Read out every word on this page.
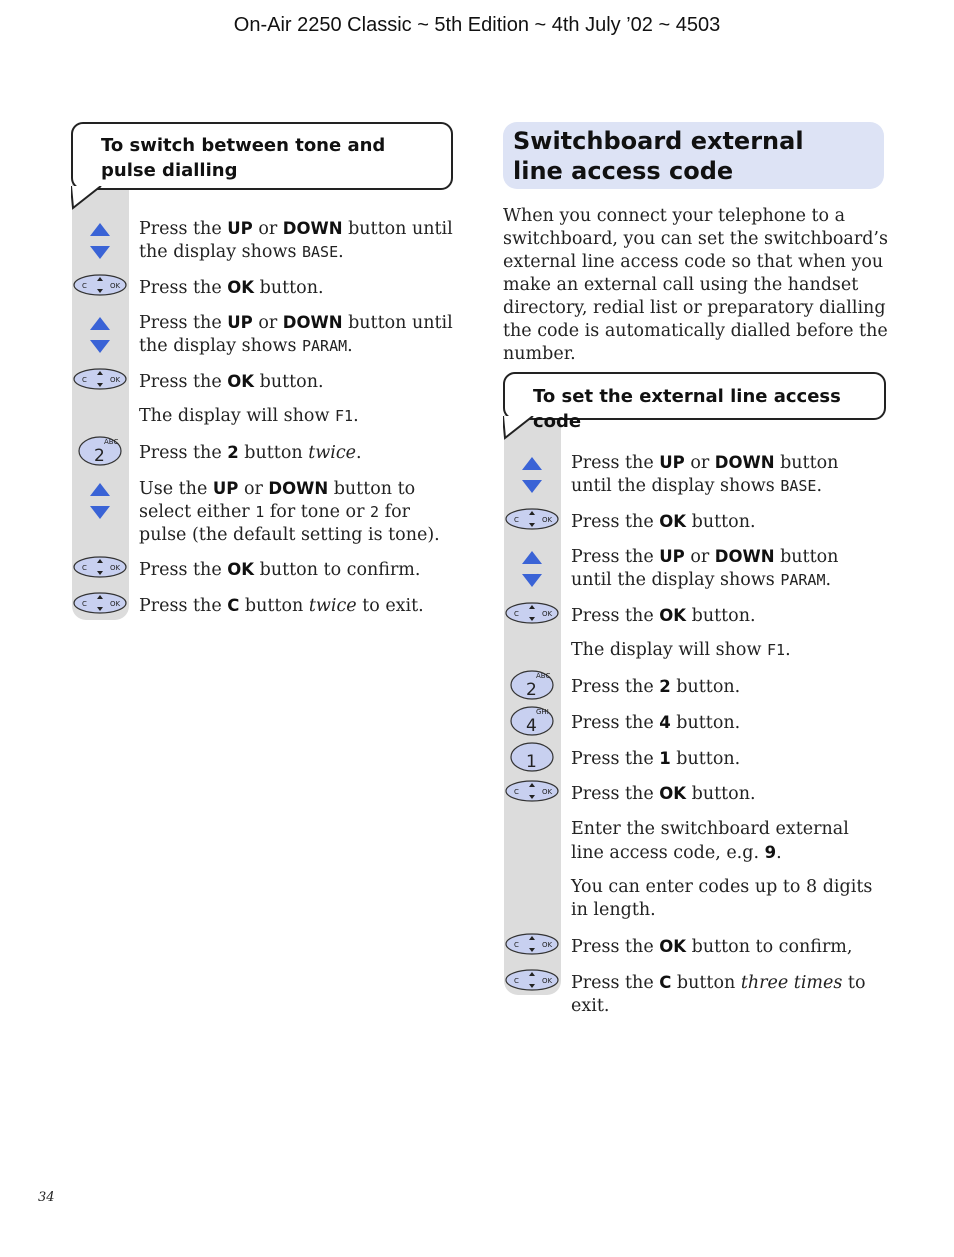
On-Air 2250 Classic ~ 5th Edition ~ 4th July ’02 ~ 4503
To switch between tone and pulse dialling
Press the UP or DOWN button until the display shows BASE.
Press the OK button.
Press the UP or DOWN button until the display shows PARAM.
Press the OK button.
The display will show F1.
Press the 2 button twice.
Use the UP or DOWN button to select either 1 for tone or 2 for pulse (the default setting is tone).
Press the OK button to confirm.
Press the C button twice to exit.
C	OK
C	OK
ABC
2
C	OK
C	OK
Switchboard external line access code
When you connect your telephone to a switchboard, you can set the switchboard’s external line access code so that when you make an external call using the handset directory, redial list or preparatory dialling the code is automatically dialled before the number.
To set the external line access code
Press the UP or DOWN button until the display shows BASE.
Press the OK button.
Press the UP or DOWN button until the display shows PARAM.
Press the OK button.
The display will show F1.
Press the 2 button.
Press the 4 button.
Press the 1 button.
Press the OK button.
Enter the switchboard external line access code, e.g. 9.
You can enter codes up to 8 digits in length.
Press the OK button to confirm,
Press the C button three times to exit.
C	OK
C	OK
ABC
2
GHI
4
1
C	OK
C	OK
C	OK
34
